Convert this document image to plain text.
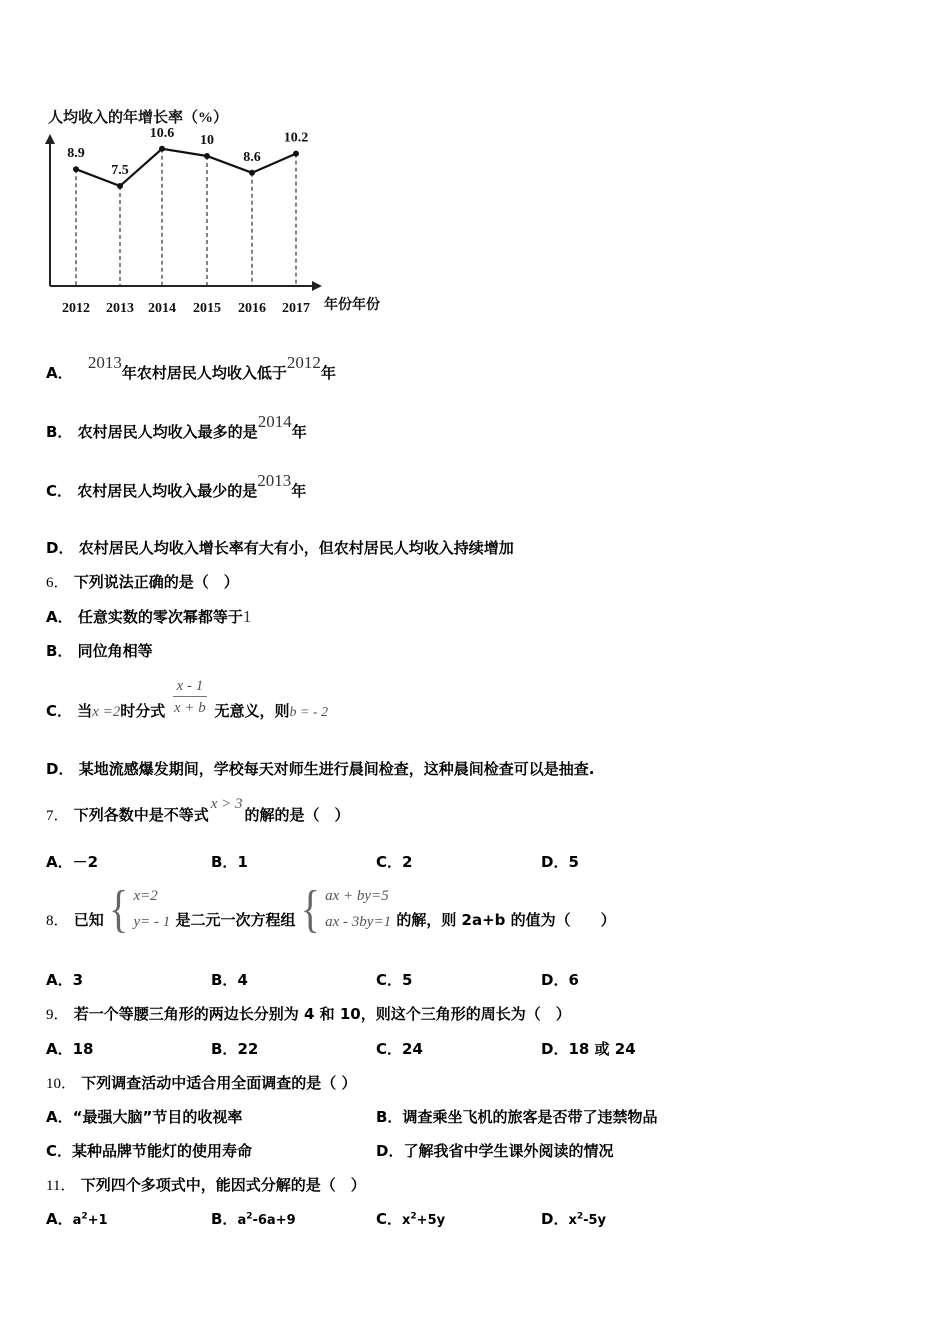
人均收入的年增长率（%）
8.9
7.5
10.6 10
8.6
10.2
2012 2013 2014 2015 2016 2017 年份年份
A． 2013年农村居民人均收入低于2012年
B． 农村居民人均收入最多的是2014年
C． 农村居民人均收入最少的是2013年
D． 农村居民人均收入增长率有大有小，但农村居民人均收入持续增加
6． 下列说法正确的是（　）
A． 任意实数的零次幂都等于1
B． 同位角相等
C． 当x =2时分式 $\frac{x - 1}{x + b}$ 无意义，则b = - 2
D． 某地流感爆发期间，学校每天对师生进行晨间检查，这种晨间检查可以是抽查.
7． 下列各数中是不等式x > 3的解的是（　）
A．－2	B．1	C．2	D．5
8． 已知 { x=2
y= - 1 是二元一次方程组 { ax + by=5
ax - 3by=1 的解，则 2a+b 的值为（　　）
A．3	B．4	C．5	D．6
9． 若一个等腰三角形的两边长分别为 4 和 10，则这个三角形的周长为（　）
A．18	B．22	C．24	D．18 或 24
10． 下列调查活动中适合用全面调查的是（ ）
A．“最强大脑”节目的收视率	B．调查乘坐飞机的旅客是否带了违禁物品
C．某种品牌节能灯的使用寿命	D．了解我省中学生课外阅读的情况
11． 下列四个多项式中，能因式分解的是（　）
A．$a^2+1$	B．$a^2-6a+9$	C．$x^2+5y$	D．$x^2-5y$
